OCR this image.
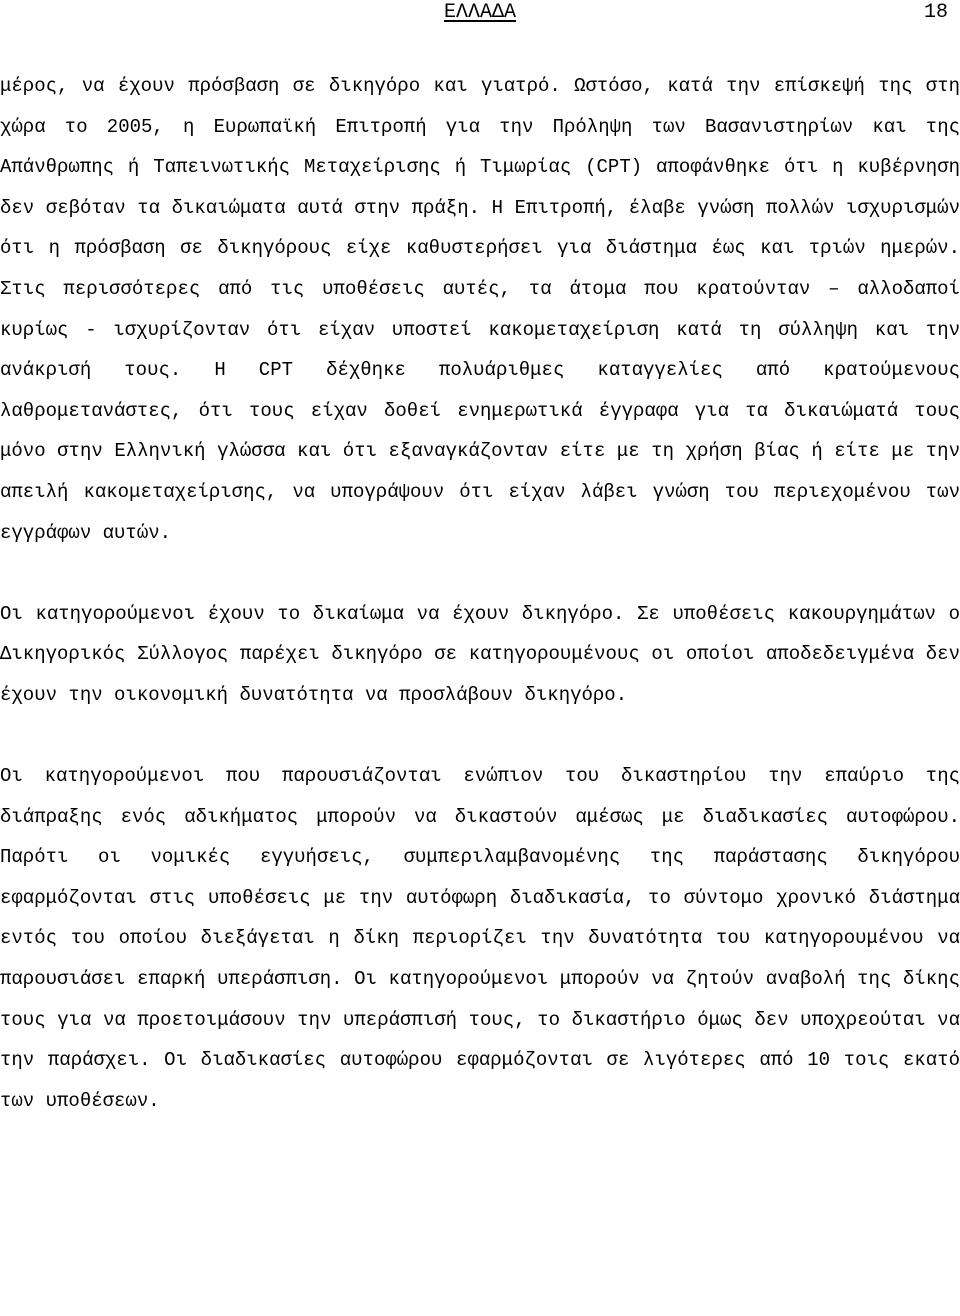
ΕΛΛΑΔΑ	18

μέρος, να έχουν πρόσβαση σε δικηγόρο και γιατρό. Ωστόσο, κατά την επίσκεψή της στη χώρα το 2005, η Ευρωπαϊκή Επιτροπή για την Πρόληψη των Βασανιστηρίων και της Απάνθρωπης ή Ταπεινωτικής Μεταχείρισης ή Τιμωρίας (CPT) αποφάνθηκε ότι η κυβέρνηση δεν σεβόταν τα δικαιώματα αυτά στην πράξη. Η Επιτροπή, έλαβε γνώση πολλών ισχυρισμών ότι η πρόσβαση σε δικηγόρους είχε καθυστερήσει για διάστημα έως και τριών ημερών. Στις περισσότερες από τις υποθέσεις αυτές, τα άτομα που κρατούνταν – αλλοδαποί κυρίως - ισχυρίζονταν ότι είχαν υποστεί κακομεταχείριση κατά τη σύλληψη και την ανάκρισή τους. Η CPT δέχθηκε πολυάριθμες καταγγελίες από κρατούμενους λαθρομετανάστες, ότι τους είχαν δοθεί ενημερωτικά έγγραφα για τα δικαιώματά τους μόνο στην Ελληνική γλώσσα και ότι εξαναγκάζονταν είτε με τη χρήση βίας ή είτε με την απειλή κακομεταχείρισης, να υπογράψουν ότι είχαν λάβει γνώση του περιεχομένου των εγγράφων αυτών.

Οι κατηγορούμενοι έχουν το δικαίωμα να έχουν δικηγόρο. Σε υποθέσεις κακουργημάτων ο Δικηγορικός Σύλλογος παρέχει δικηγόρο σε κατηγορουμένους οι οποίοι αποδεδειγμένα δεν έχουν την οικονομική δυνατότητα να προσλάβουν δικηγόρο.

Οι κατηγορούμενοι που παρουσιάζονται ενώπιον του δικαστηρίου την επαύριο της διάπραξης ενός αδικήματος μπορούν να δικαστούν αμέσως με διαδικασίες αυτοφώρου. Παρότι οι νομικές εγγυήσεις, συμπεριλαμβανομένης της παράστασης δικηγόρου εφαρμόζονται στις υποθέσεις με την αυτόφωρη διαδικασία, το σύντομο χρονικό διάστημα εντός του οποίου διεξάγεται η δίκη περιορίζει την δυνατότητα του κατηγορουμένου να παρουσιάσει επαρκή υπεράσπιση. Οι κατηγορούμενοι μπορούν να ζητούν αναβολή της δίκης τους για να προετοιμάσουν την υπεράσπισή τους, το δικαστήριο όμως δεν υποχρεούται να την παράσχει. Οι διαδικασίες αυτοφώρου εφαρμόζονται σε λιγότερες από 10 τοις εκατό των υποθέσεων.
